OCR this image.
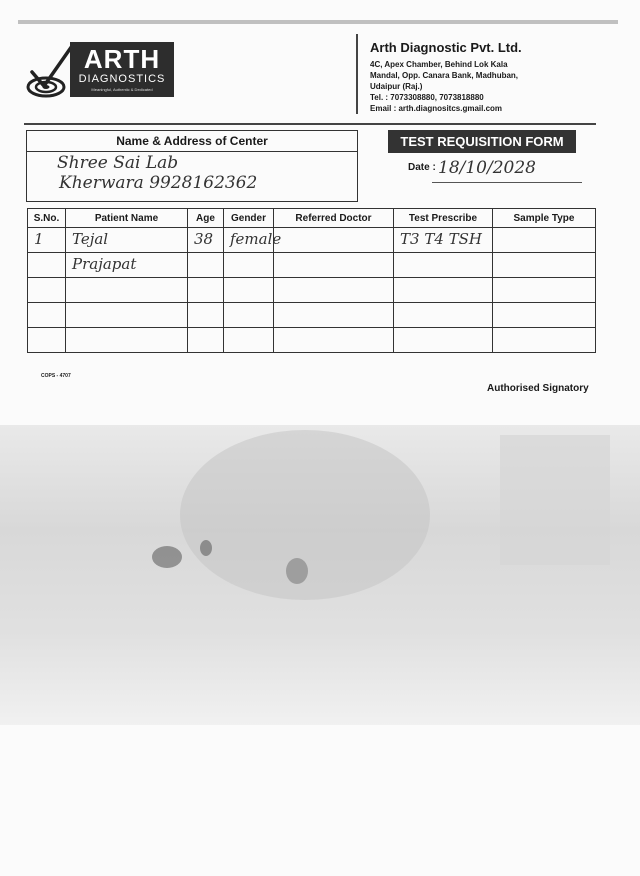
ARTH
DIAGNOSTICS
Meaningful, Authentic & Dedicated
Arth Diagnostic Pvt. Ltd.
4C, Apex Chamber, Behind Lok Kala
Mandal, Opp. Canara Bank, Madhuban,
Udaipur (Raj.)
Tel. : 7073308880, 7073818880
Email : arth.diagnositcs.gmail.com
Name & Address of Center
Shree Sai Lab
Kherwara 9928162362
TEST REQUISITION FORM
Date : 18/10/2028
S.No.	Patient Name	Age	Gender	Referred Doctor	Test Prescribe	Sample Type

1	Tejal	38	female		T3 T4 TSH	

	Prajapat					

COPS - 4707
Authorised Signatory
